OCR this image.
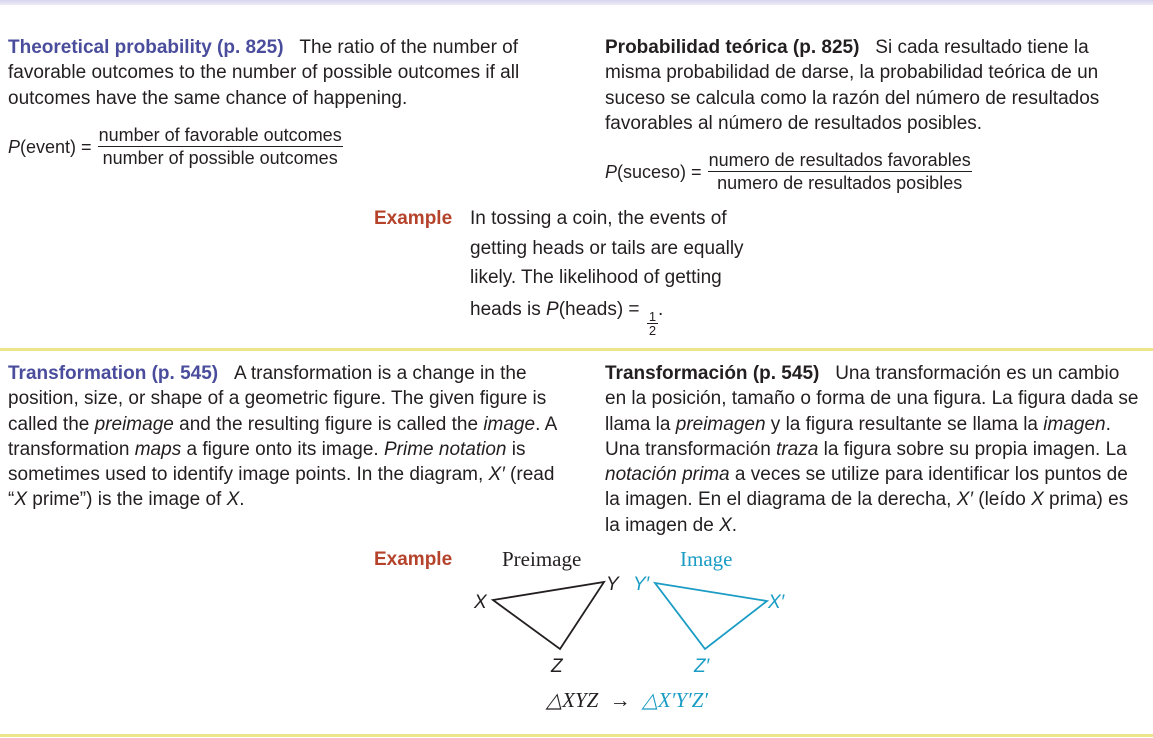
Theoretical probability (p. 825) The ratio of the number of favorable outcomes to the number of possible outcomes if all outcomes have the same chance of happening.
P(event) = $\frac{\text{number of favorable outcomes}}{\text{number of possible outcomes}}$
Probabilidad teórica (p. 825) Si cada resultado tiene la misma probabilidad de darse, la probabilidad teórica de un suceso se calcula como la razón del número de resultados favorables al número de resultados posibles.
P(suceso) = $\frac{\text{numero de resultados favorables}}{\text{numero de resultados posibles}}$
Example In tossing a coin, the events of
getting heads or tails are equally
likely. The likelihood of getting
heads is P(heads) =
$\frac{1}{2}$
.
Transformation (p. 545) A transformation is a change in the position, size, or shape of a geometric figure. The given figure is called the preimage and the resulting figure is called the image. A transformation maps a figure onto its image. Prime notation is sometimes used to identify image points. In the diagram, X′ (read “X prime”) is the image of X.
Transformación (p. 545) Una transformación es un cambio en la posición, tamaño o forma de una figura. La figura dada se llama la preimagen y la figura resultante se llama la imagen. Una transformación traza la figura sobre su propia imagen. La notación prima a veces se utilize para identificar los puntos de la imagen. En el diagrama de la derecha, X′ (leído X prima) es la imagen de X.
Example Preimage	Image
X
Y
Z
Y′
X′
Z′
△XYZ → △X′Y′Z′
